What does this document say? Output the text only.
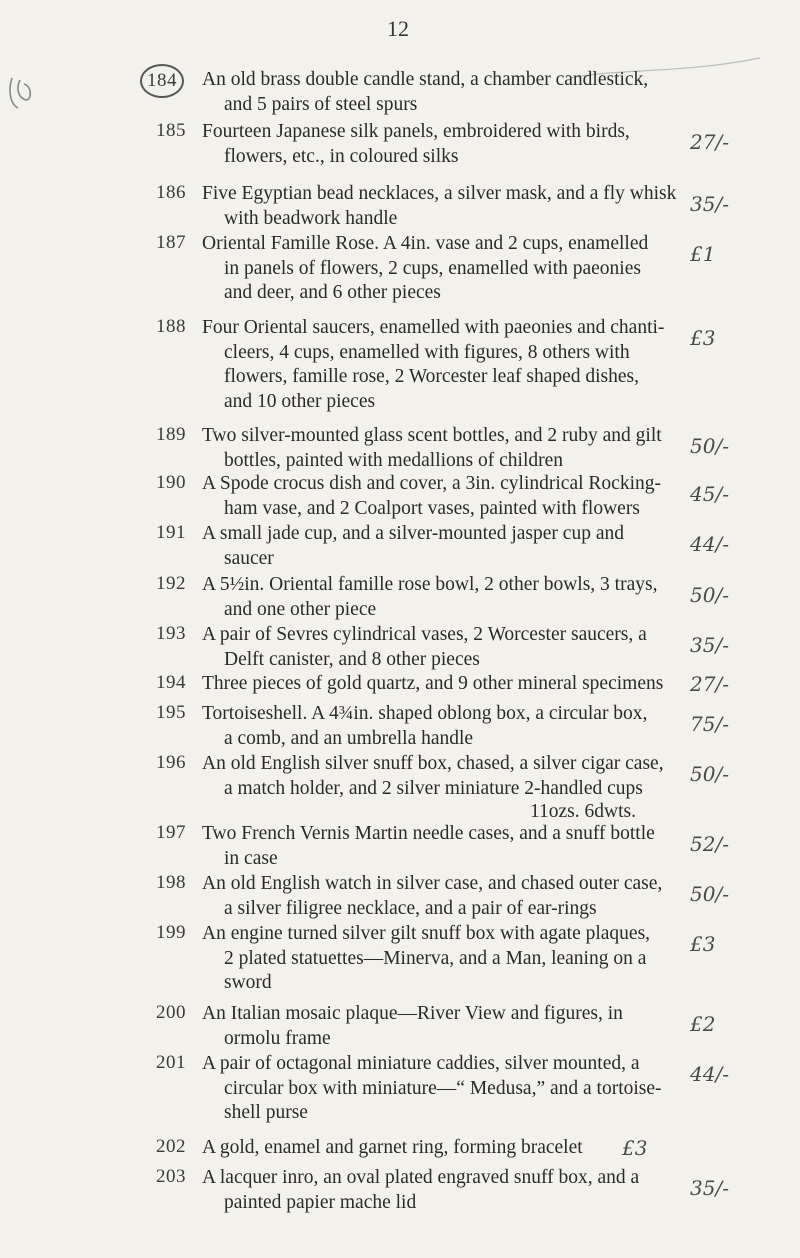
12
184	An old brass double candle stand, a chamber candlestick,
and 5 pairs of steel spurs
185 Fourteen Japanese silk panels, embroidered with birds,
flowers, etc., in coloured silks
27/-
186 Five Egyptian bead necklaces, a silver mask, and a fly whisk
with beadwork handle
35/-
187 Oriental Famille Rose. A 4in. vase and 2 cups, enamelled
in panels of flowers, 2 cups, enamelled with paeonies
and deer, and 6 other pieces
£1
188 Four Oriental saucers, enamelled with paeonies and chanti-
cleers, 4 cups, enamelled with figures, 8 others with
flowers, famille rose, 2 Worcester leaf shaped dishes,
and 10 other pieces
£3
189 Two silver-mounted glass scent bottles, and 2 ruby and gilt
bottles, painted with medallions of children
50/-
190 A Spode crocus dish and cover, a 3in. cylindrical Rocking-
ham vase, and 2 Coalport vases, painted with flowers
45/-
191 A small jade cup, and a silver-mounted jasper cup and
saucer
44/-
192 A 5½in. Oriental famille rose bowl, 2 other bowls, 3 trays,
and one other piece
50/-
193 A pair of Sevres cylindrical vases, 2 Worcester saucers, a
Delft canister, and 8 other pieces
35/-
194 Three pieces of gold quartz, and 9 other mineral specimens 27/-
195 Tortoiseshell. A 4¾in. shaped oblong box, a circular box,
a comb, and an umbrella handle
75/-
196 An old English silver snuff box, chased, a silver cigar case,
a match holder, and 2 silver miniature 2-handled cups
11ozs. 6dwts.
50/-
197 Two French Vernis Martin needle cases, and a snuff bottle
in case
52/-
198 An old English watch in silver case, and chased outer case,
a silver filigree necklace, and a pair of ear-rings
50/-
199 An engine turned silver gilt snuff box with agate plaques,
2 plated statuettes—Minerva, and a Man, leaning on a
sword
£3
200 An Italian mosaic plaque—River View and figures, in
ormolu frame
£2
201 A pair of octagonal miniature caddies, silver mounted, a
circular box with miniature—“ Medusa,” and a tortoise-
shell purse
44/-
202 A gold, enamel and garnet ring, forming bracelet £3
203 A lacquer inro, an oval plated engraved snuff box, and a
painted papier mache lid
35/-
